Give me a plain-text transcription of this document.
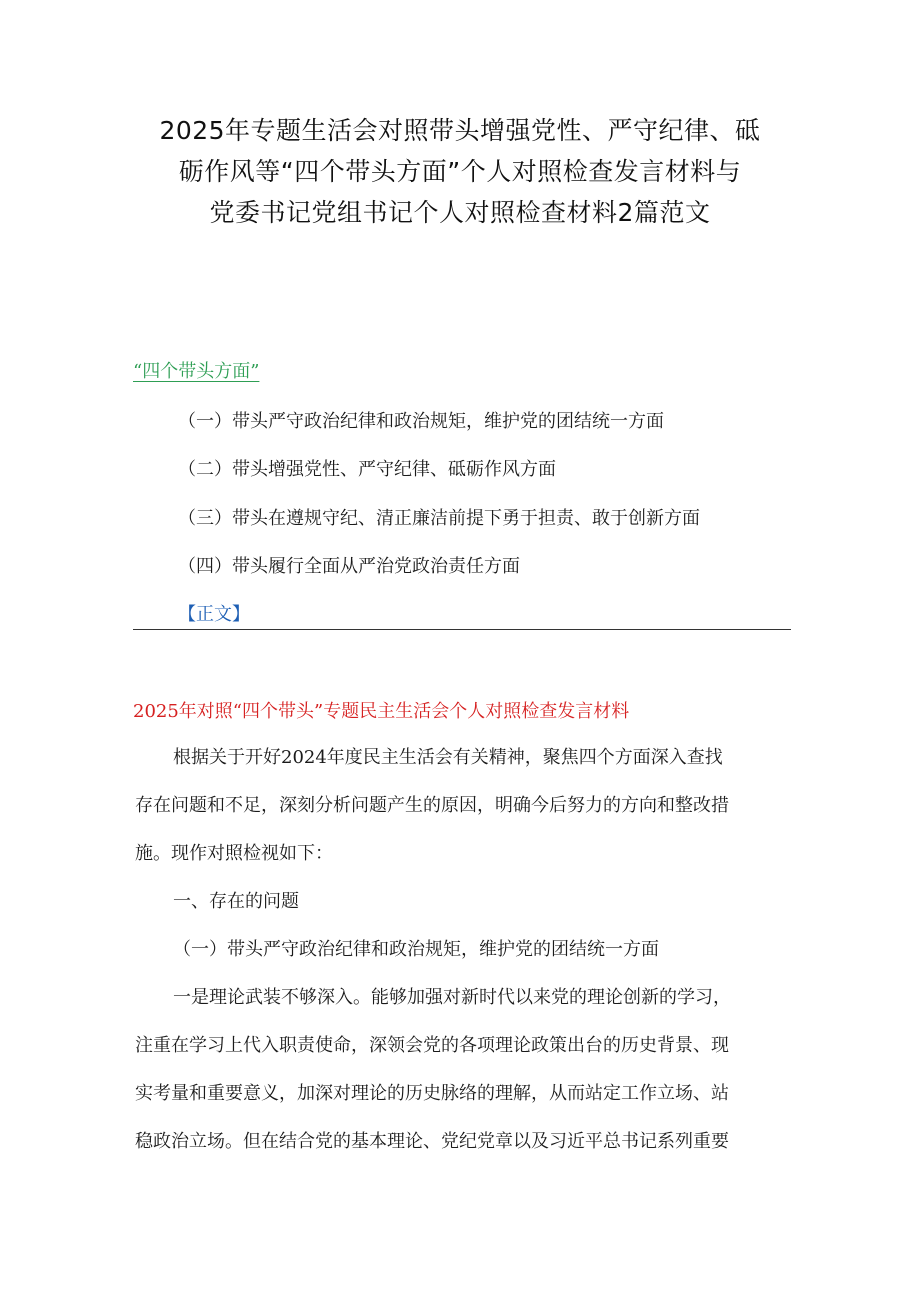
2025年专题生活会对照带头增强党性、严守纪律、砥
砺作风等“四个带头方面”个人对照检查发言材料与
党委书记党组书记个人对照检查材料2篇范文
“四个带头方面”
（一）带头严守政治纪律和政治规矩，维护党的团结统一方面
（二）带头增强党性、严守纪律、砥砺作风方面
（三）带头在遵规守纪、清正廉洁前提下勇于担责、敢于创新方面
（四）带头履行全面从严治党政治责任方面
【正文】
2025年对照“四个带头”专题民主生活会个人对照检查发言材料
根据关于开好2024年度民主生活会有关精神，聚焦四个方面深入查找
存在问题和不足，深刻分析问题产生的原因，明确今后努力的方向和整改措
施。现作对照检视如下：
一、存在的问题
（一）带头严守政治纪律和政治规矩，维护党的团结统一方面
一是理论武装不够深入。能够加强对新时代以来党的理论创新的学习，
注重在学习上代入职责使命，深领会党的各项理论政策出台的历史背景、现
实考量和重要意义，加深对理论的历史脉络的理解，从而站定工作立场、站
稳政治立场。但在结合党的基本理论、党纪党章以及习近平总书记系列重要
